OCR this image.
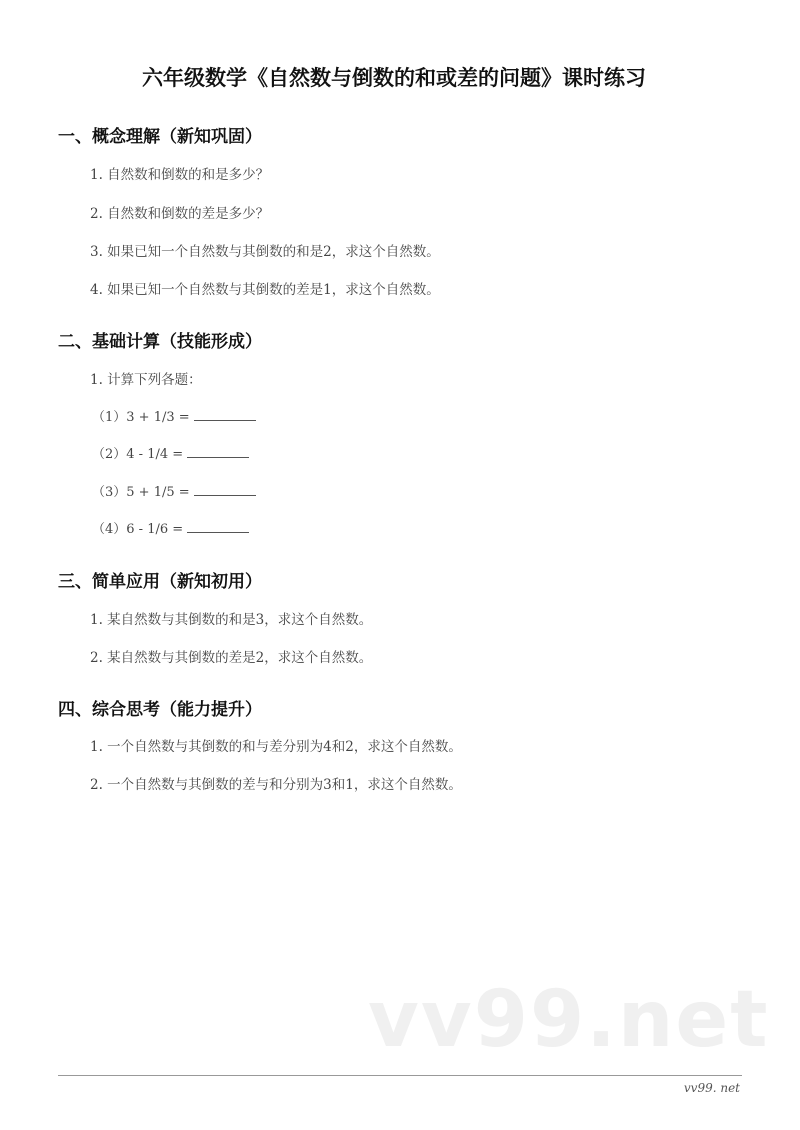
六年级数学《自然数与倒数的和或差的问题》课时练习
一、概念理解（新知巩固）
1. 自然数和倒数的和是多少？
2. 自然数和倒数的差是多少？
3. 如果已知一个自然数与其倒数的和是2，求这个自然数。
4. 如果已知一个自然数与其倒数的差是1，求这个自然数。
二、基础计算（技能形成）
1. 计算下列各题：
（1）3 + 1/3 =
（2）4 - 1/4 =
（3）5 + 1/5 =
（4）6 - 1/6 =
三、简单应用（新知初用）
1. 某自然数与其倒数的和是3，求这个自然数。
2. 某自然数与其倒数的差是2，求这个自然数。
四、综合思考（能力提升）
1. 一个自然数与其倒数的和与差分别为4和2，求这个自然数。
2. 一个自然数与其倒数的差与和分别为3和1，求这个自然数。
vv99.net
vv99. net
